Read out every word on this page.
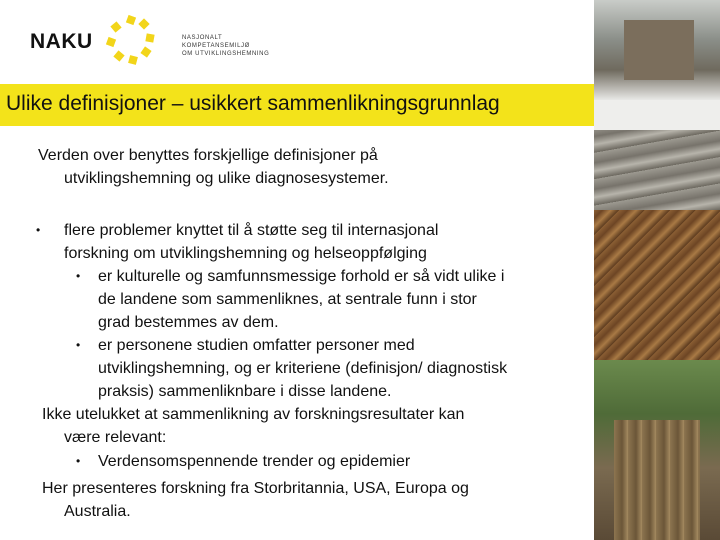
NAKU	NASJONALT KOMPETANSEMILJØ
OM UTVIKLINGSHEMNING
Ulike definisjoner – usikkert sammenlikningsgrunnlag
Verden over benyttes forskjellige definisjoner på
utviklingshemning og ulike diagnosesystemer.
• flere problemer knyttet til å støtte seg til internasjonal
forskning om utviklingshemning og helseoppfølging
• er kulturelle og samfunnsmessige forhold er så vidt ulike i
de landene som sammenliknes, at sentrale funn i stor
grad bestemmes av dem.
• er personene studien omfatter personer med
utviklingshemning, og er kriteriene (definisjon/ diagnostisk
praksis) sammenliknbare i disse landene.
Ikke utelukket at sammenlikning av forskningsresultater kan
være relevant:
• Verdensomspennende trender og epidemier
Her presenteres forskning fra Storbritannia, USA, Europa og
Australia.
